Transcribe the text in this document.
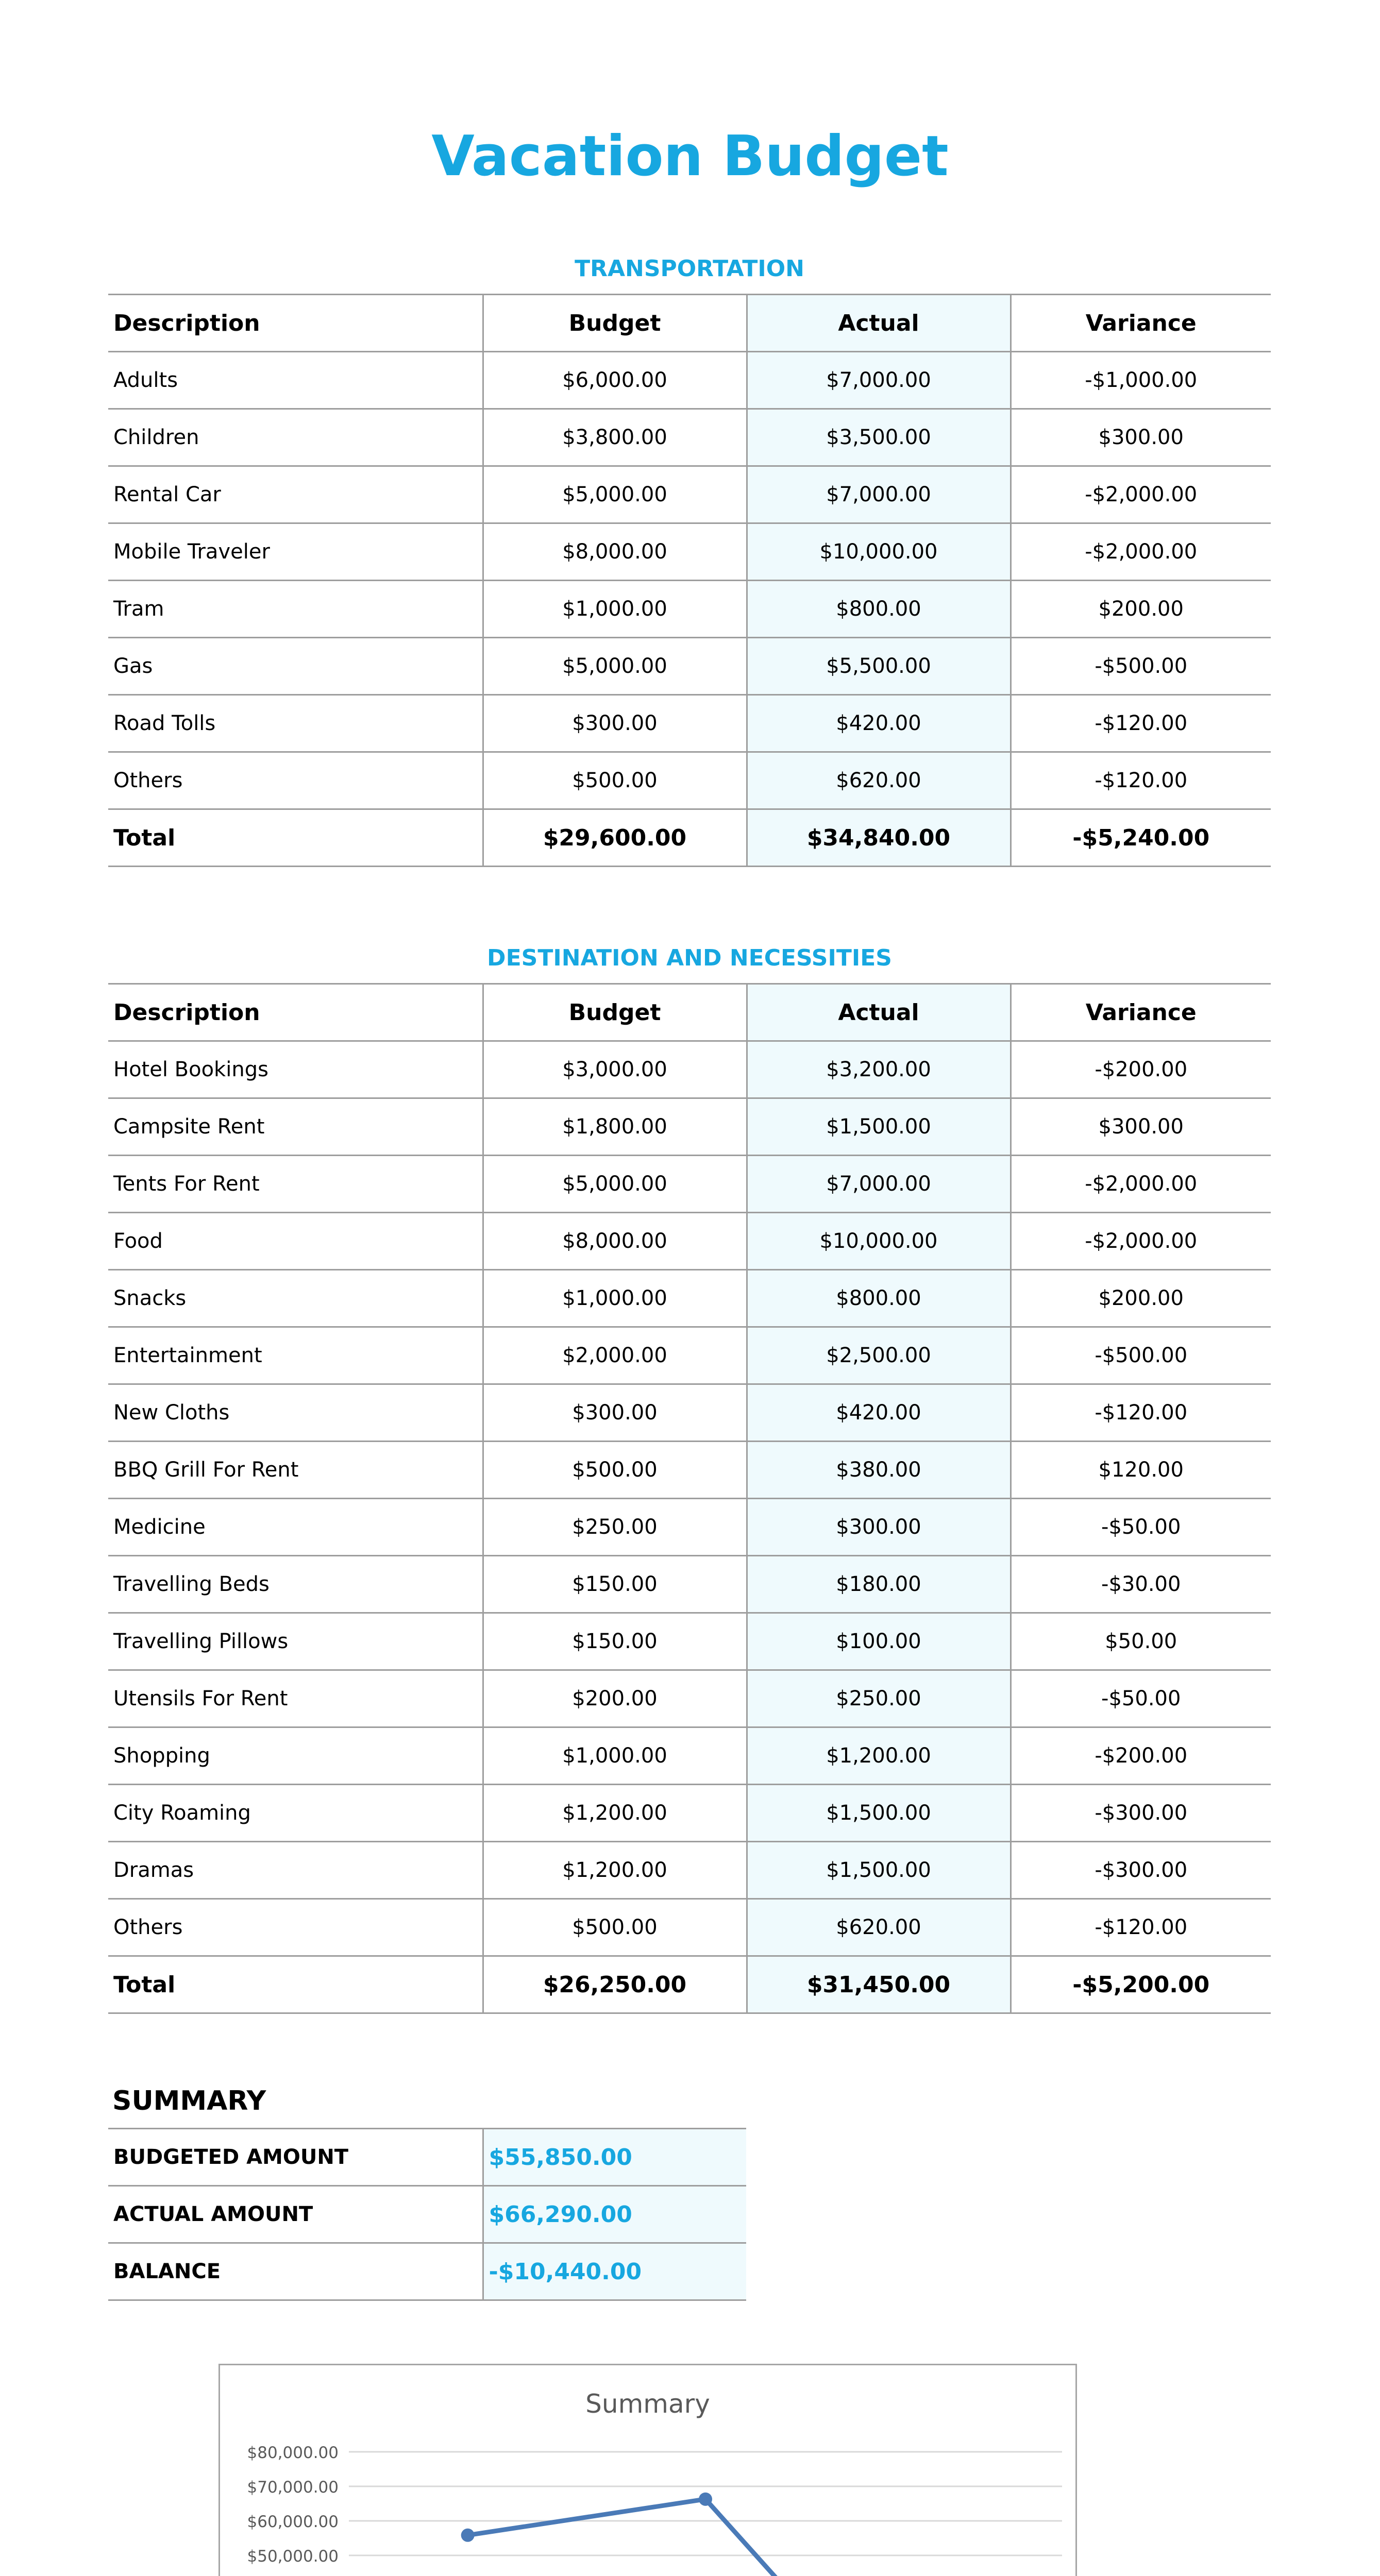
Vacation Budget
TRANSPORTATION
Description	Budget	Actual	Variance
Adults	$6,000.00	$7,000.00	-$1,000.00
Children	$3,800.00	$3,500.00	$300.00
Rental Car	$5,000.00	$7,000.00	-$2,000.00
Mobile Traveler	$8,000.00	$10,000.00	-$2,000.00
Tram	$1,000.00	$800.00	$200.00
Gas	$5,000.00	$5,500.00	-$500.00
Road Tolls	$300.00	$420.00	-$120.00
Others	$500.00	$620.00	-$120.00
Total	$29,600.00	$34,840.00	-$5,240.00
DESTINATION AND NECESSITIES
Description	Budget	Actual	Variance
Hotel Bookings	$3,000.00	$3,200.00	-$200.00
Campsite Rent	$1,800.00	$1,500.00	$300.00
Tents For Rent	$5,000.00	$7,000.00	-$2,000.00
Food	$8,000.00	$10,000.00	-$2,000.00
Snacks	$1,000.00	$800.00	$200.00
Entertainment	$2,000.00	$2,500.00	-$500.00
New Cloths	$300.00	$420.00	-$120.00
BBQ Grill For Rent	$500.00	$380.00	$120.00
Medicine	$250.00	$300.00	-$50.00
Travelling Beds	$150.00	$180.00	-$30.00
Travelling Pillows	$150.00	$100.00	$50.00
Utensils For Rent	$200.00	$250.00	-$50.00
Shopping	$1,000.00	$1,200.00	-$200.00
City Roaming	$1,200.00	$1,500.00	-$300.00
Dramas	$1,200.00	$1,500.00	-$300.00
Others	$500.00	$620.00	-$120.00
Total	$26,250.00	$31,450.00	-$5,200.00
SUMMARY
BUDGETED AMOUNT	$55,850.00
ACTUAL AMOUNT	$66,290.00
BALANCE	-$10,440.00
Summary
$80,000.00
$70,000.00
$60,000.00
$50,000.00
